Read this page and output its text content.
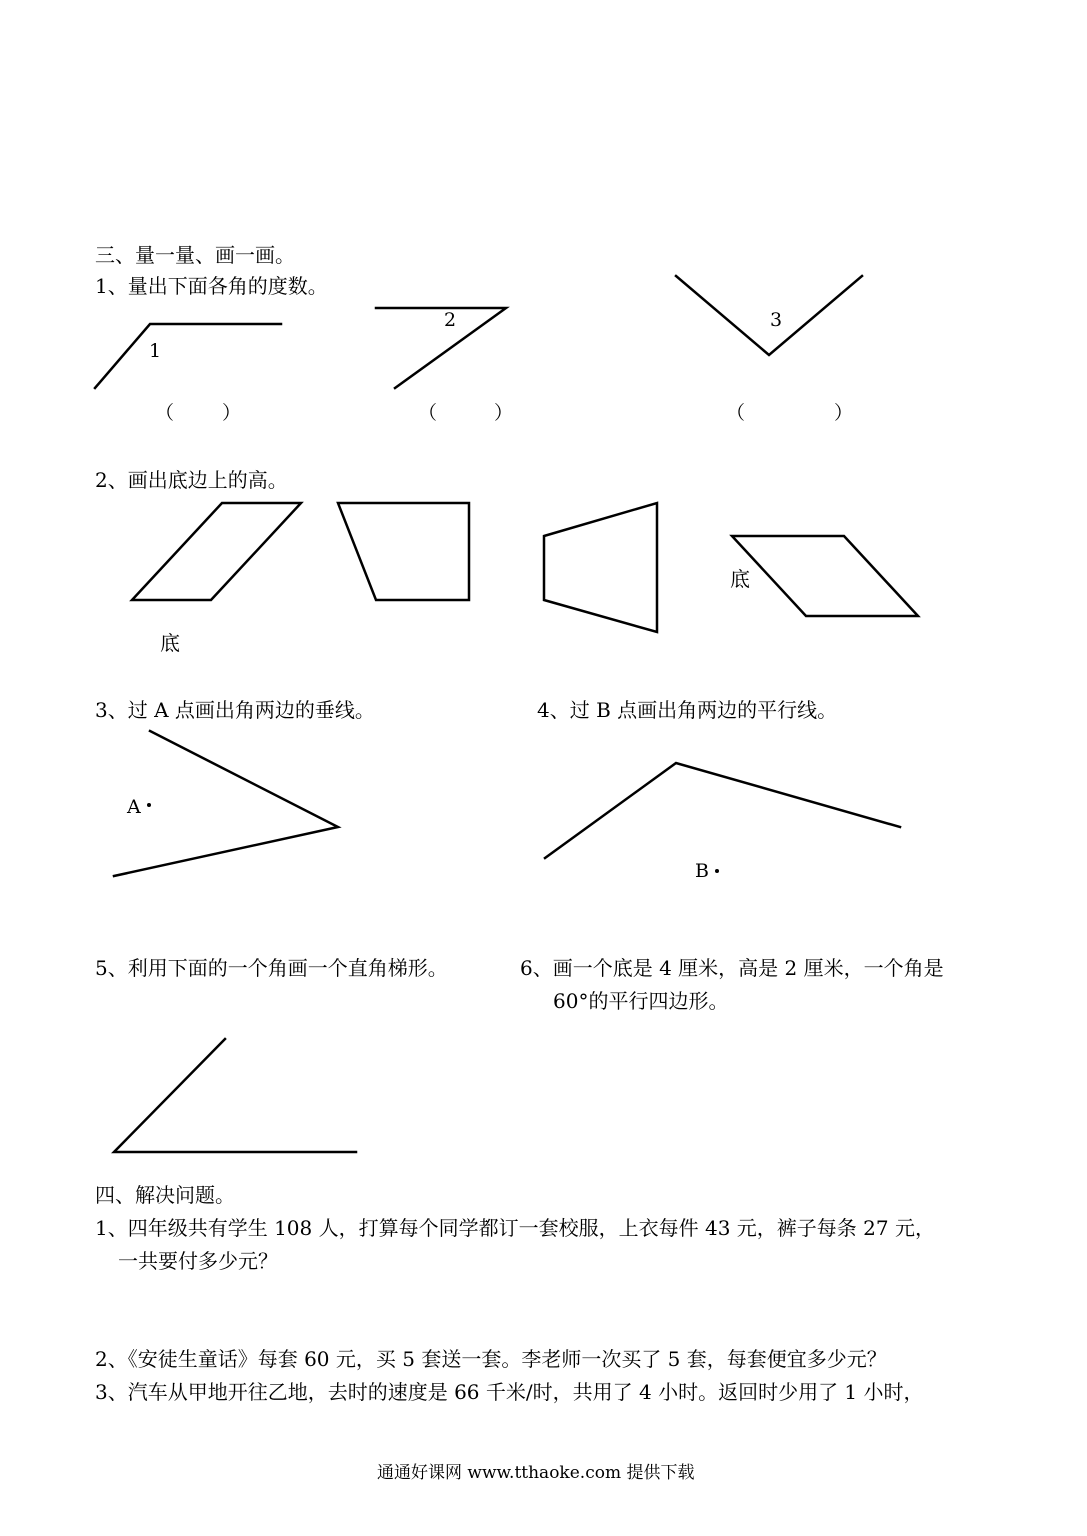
三、量一量、画一画。
1、量出下面各角的度数。
2、画出底边上的高。
3、过 A 点画出角两边的垂线。	4、过 B 点画出角两边的平行线。
5、利用下面的一个角画一个直角梯形。	6、画一个底是 4 厘米，高是 2 厘米，一个角是
60°的平行四边形。
（	）	（	）	（	）
1
2	3
底
底
A
B
四、解决问题。
1、四年级共有学生 108 人，打算每个同学都订一套校服，上衣每件 43 元，裤子每条 27 元，
一共要付多少元？
2、《安徒生童话》每套 60 元，买 5 套送一套。李老师一次买了 5 套，每套便宜多少元？
3、汽车从甲地开往乙地，去时的速度是 66 千米/时，共用了 4 小时。返回时少用了 1 小时，
通通好课网 www.tthaoke.com 提供下载
